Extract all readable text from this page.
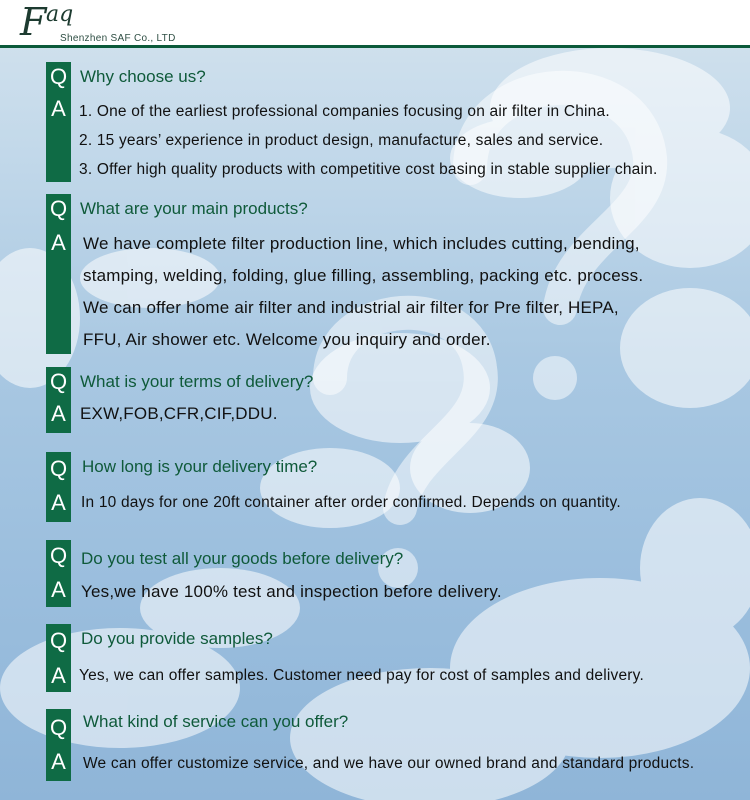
F aq
Shenzhen SAF Co., LTD
Q
A
Why choose us?
1. One of the earliest professional companies focusing on air filter in China.
2. 15 years’ experience in product design, manufacture, sales and service.
3. Offer high quality products with competitive cost basing in stable supplier chain.
Q
A
What are your main products?
We have complete filter production line, which includes cutting, bending,
stamping, welding, folding, glue filling, assembling, packing etc. process.
We can offer home air filter and industrial air filter for Pre filter, HEPA,
FFU, Air shower etc. Welcome you inquiry and order.
Q
A
What is your terms of delivery?
EXW,FOB,CFR,CIF,DDU.
Q
A
How long is your delivery time?
In 10 days for one 20ft container after order confirmed. Depends on quantity.
Q
A
Do you test all your goods before delivery?
Yes,we have 100% test and inspection before delivery.
Q
A
Do you provide samples?
Yes, we can offer samples. Customer need pay for cost of samples and delivery.
Q
A
What kind of service can you offer?
We can offer customize service, and we have our owned brand and standard products.
